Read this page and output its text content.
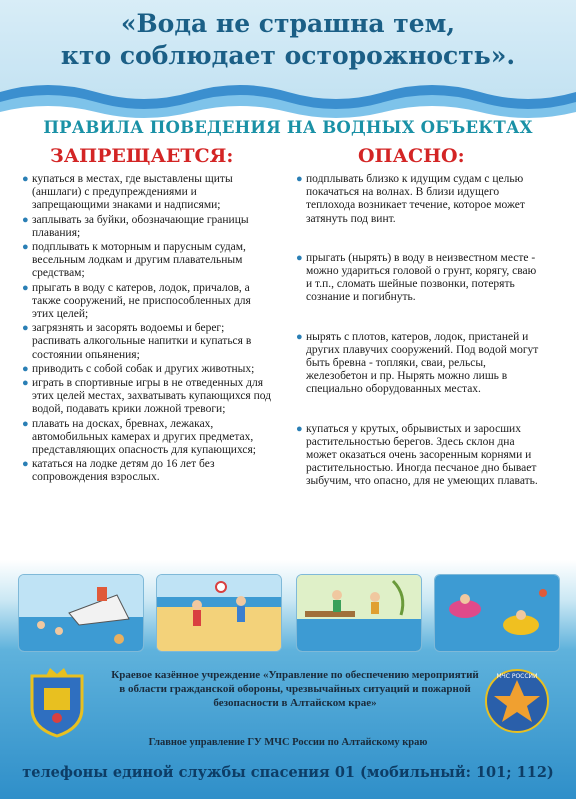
«Вода не страшна тем,
кто соблюдает осторожность».
ПРАВИЛА ПОВЕДЕНИЯ НА ВОДНЫХ ОБЪЕКТАХ
ЗАПРЕЩАЕТСЯ:	ОПАСНО:
● купаться в местах, где выставлены щиты (аншлаги) с предупреждениями и запрещающими знаками и надписями;
● заплывать за буйки, обозначающие границы плавания;
● подплывать к моторным и парусным судам, весельным лодкам и другим плавательным средствам;
● прыгать в воду с катеров, лодок, причалов, а также сооружений, не приспособленных для этих целей;
● загрязнять и засорять водоемы и берег; распивать алкогольные напитки и купаться в состоянии опьянения;
● приводить с собой собак и других животных;
● играть в спортивные игры в не отведенных для этих целей местах, захватывать купающихся под водой, подавать крики ложной тревоги;
● плавать на досках, бревнах, лежаках, автомобильных камерах и других предметах, представляющих опасность для купающихся;
● кататься на лодке детям до 16 лет без сопровождения взрослых.
● подплывать близко к идущим судам с целью покачаться на волнах. В близи идущего теплохода возникает течение, которое может затянуть под винт.
● прыгать (нырять) в воду в неизвестном месте - можно удариться головой о грунт, корягу, сваю и т.п., сломать шейные позвонки, потерять сознание и погибнуть.
● нырять с плотов, катеров, лодок, пристаней и других плавучих сооружений. Под водой могут быть бревна - топляки, сваи, рельсы, железобетон и пр. Нырять можно лишь в специально оборудованных местах.
● купаться у крутых, обрывистых и заросших растительностью берегов. Здесь склон дна может оказаться очень засоренным корнями и растительностью. Иногда песчаное дно бывает зыбучим, что опасно, для не умеющих плавать.
Краевое казённое учреждение «Управление по обеспечению мероприятий в области гражданской обороны, чрезвычайных ситуаций и пожарной безопасности в Алтайском крае»
МЧС РОССИИ
Главное управление ГУ МЧС России по Алтайскому краю
телефоны единой службы спасения 01 (мобильный: 101; 112)
